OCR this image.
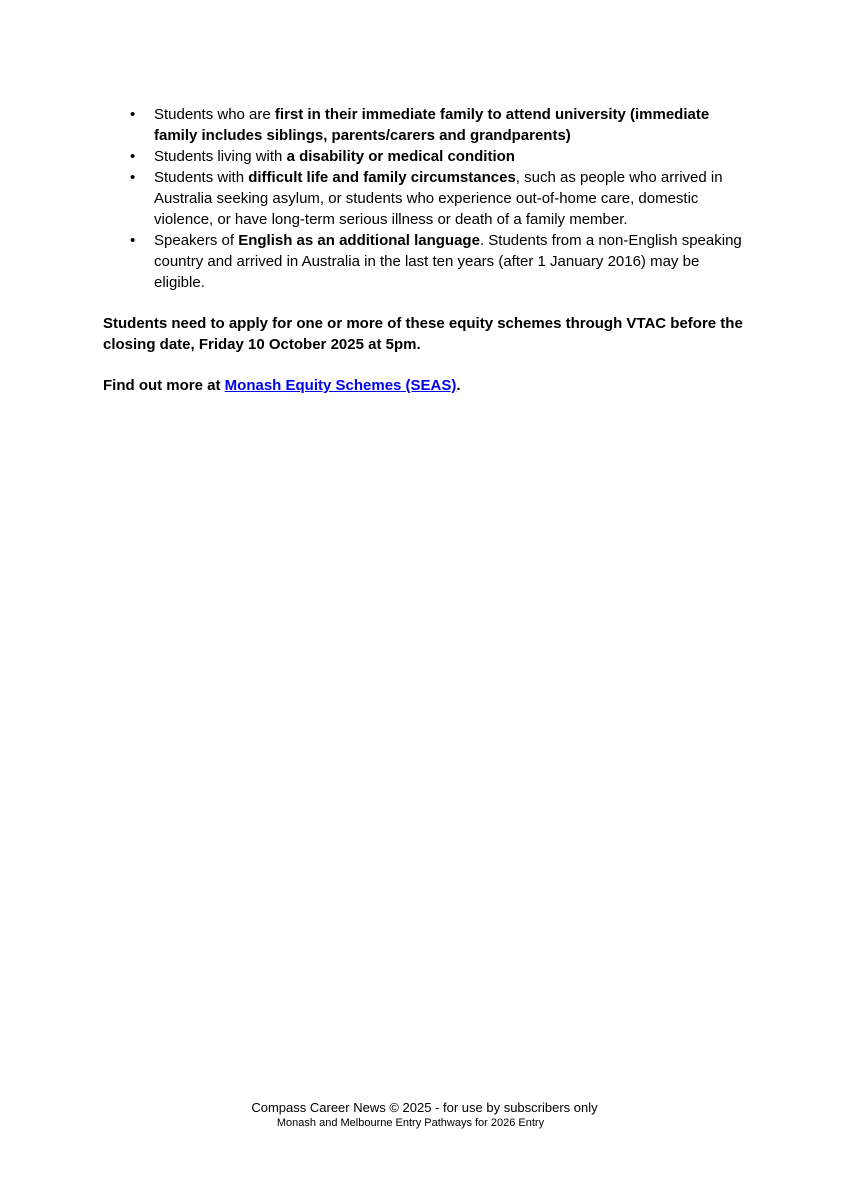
• Students who are first in their immediate family to attend university (immediate family includes siblings, parents/carers and grandparents)
• Students living with a disability or medical condition
• Students with difficult life and family circumstances, such as people who arrived in Australia seeking asylum, or students who experience out-of-home care, domestic violence, or have long-term serious illness or death of a family member.
• Speakers of English as an additional language. Students from a non-English speaking country and arrived in Australia in the last ten years (after 1 January 2016) may be eligible.

Students need to apply for one or more of these equity schemes through VTAC before the closing date, Friday 10 October 2025 at 5pm.

Find out more at Monash Equity Schemes (SEAS).

Compass Career News © 2025 - for use by subscribers only

Monash and Melbourne Entry Pathways for 2026 Entry
